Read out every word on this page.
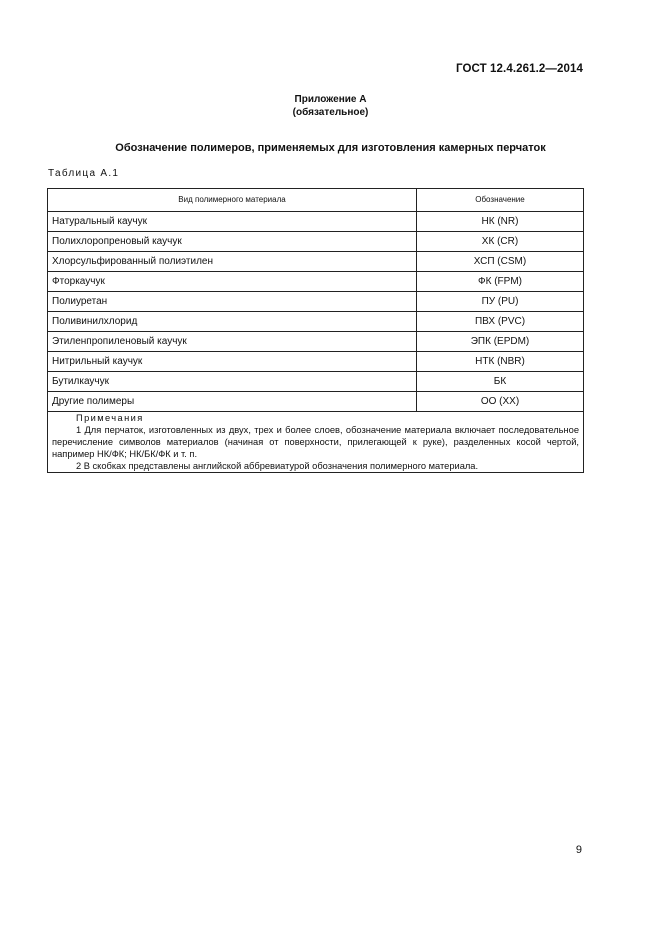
ГОСТ 12.4.261.2—2014
Приложение А
(обязательное)
Обозначение полимеров, применяемых для изготовления камерных перчаток
Таблица А.1
Вид полимерного материала	Обозначение
Натуральный каучук	НК (NR)
Полихлоропреновый каучук	ХК (CR)
Хлорсульфированный полиэтилен	ХСП (CSM)
Фторкаучук	ФК (FPM)
Полиуретан	ПУ (PU)
Поливинилхлорид	ПВХ (PVC)
Этиленпропиленовый каучук	ЭПК (EPDM)
Нитрильный каучук	НТК (NBR)
Бутилкаучук	БК
Другие полимеры	ОО (XX)

Примечания
1 Для перчаток, изготовленных из двух, трех и более слоев, обозначение материала включает последовательное перечисление символов материалов (начиная от поверхности, прилегающей к руке), разделенных косой чертой, например НК/ФК; НК/БК/ФК и т. п.
2 В скобках представлены английской аббревиатурой обозначения полимерного материала.	
9
